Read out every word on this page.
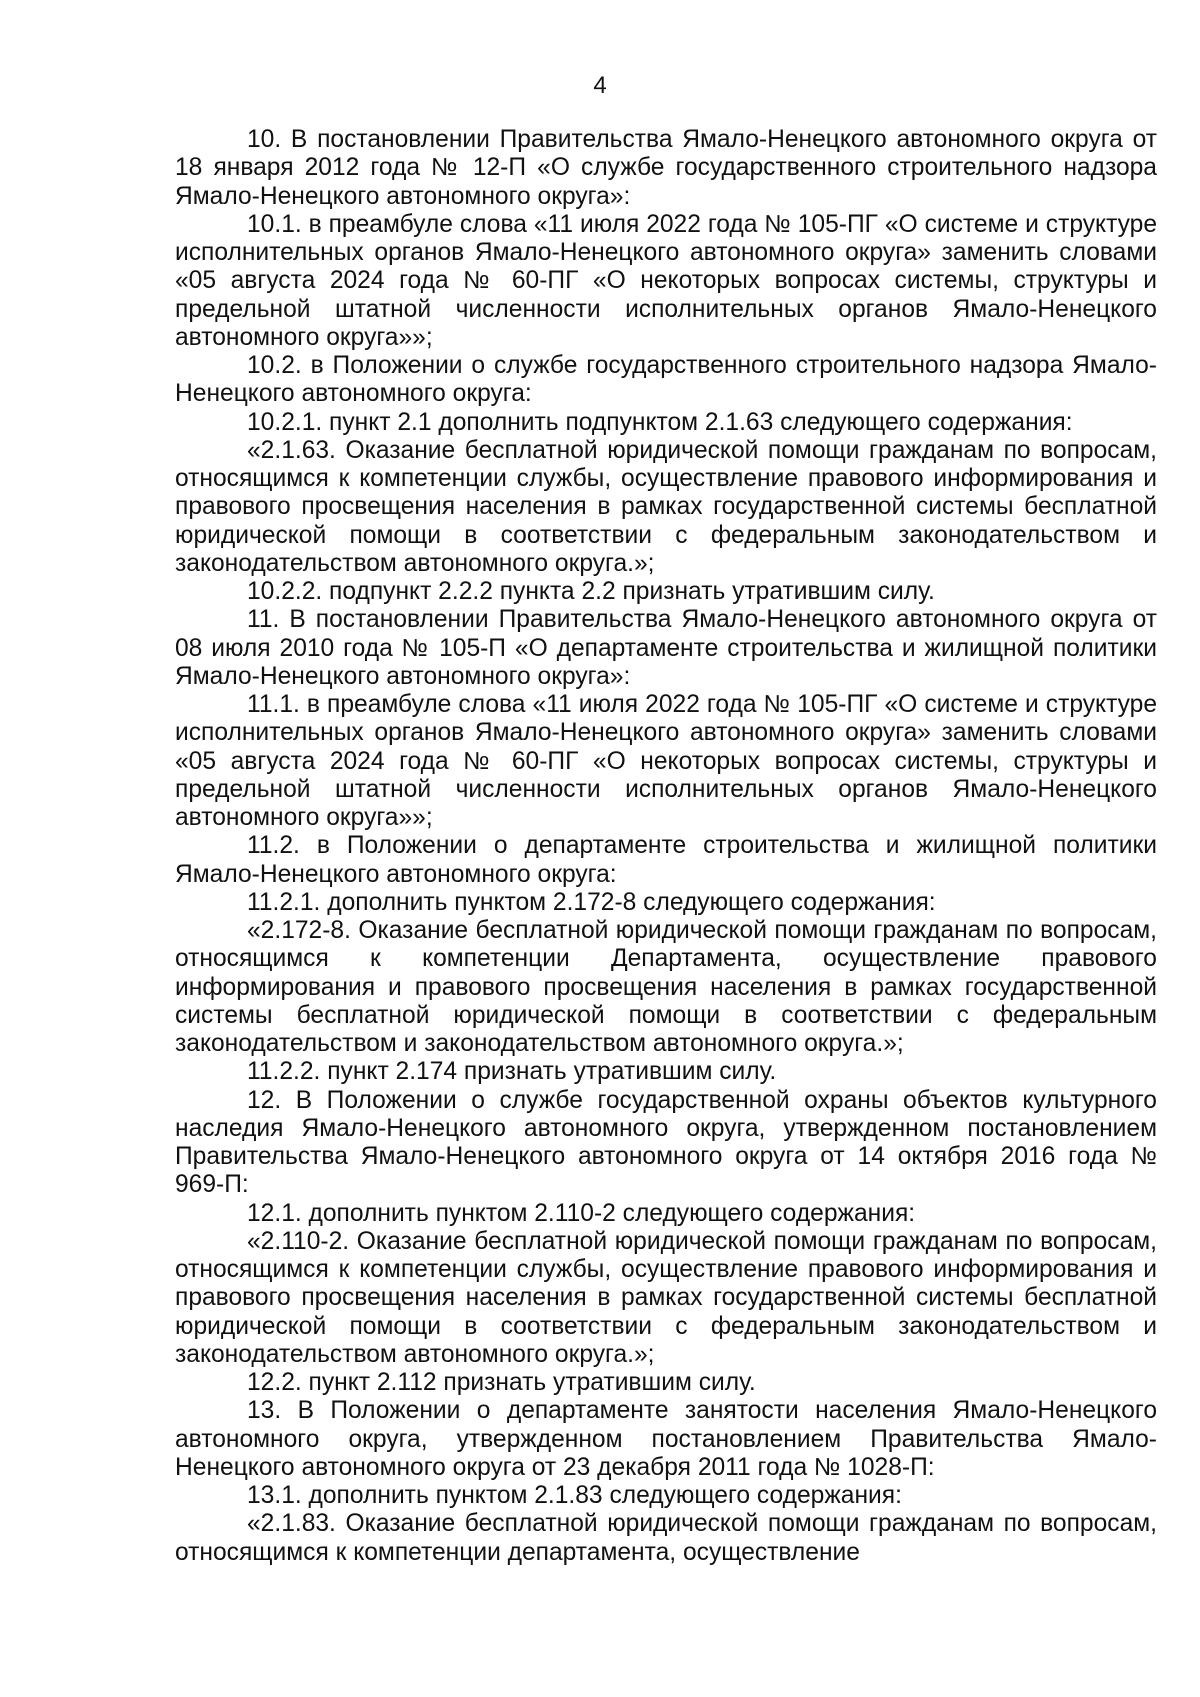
4

10. В постановлении Правительства Ямало-Ненецкого автономного округа от 18 января 2012 года № 12-П «О службе государственного строительного надзора Ямало-Ненецкого автономного округа»:

10.1. в преамбуле слова «11 июля 2022 года № 105-ПГ «О системе и структуре исполнительных органов Ямало-Ненецкого автономного округа» заменить словами «05 августа 2024 года № 60-ПГ «О некоторых вопросах системы, структуры и предельной штатной численности исполнительных органов Ямало-Ненецкого автономного округа»»;

10.2. в Положении о службе государственного строительного надзора Ямало-Ненецкого автономного округа:

10.2.1. пункт 2.1 дополнить подпунктом 2.1.63 следующего содержания:

«2.1.63. Оказание бесплатной юридической помощи гражданам по вопросам, относящимся к компетенции службы, осуществление правового информирования и правового просвещения населения в рамках государственной системы бесплатной юридической помощи в соответствии с федеральным законодательством и законодательством автономного округа.»;

10.2.2. подпункт 2.2.2 пункта 2.2 признать утратившим силу.

11. В постановлении Правительства Ямало-Ненецкого автономного округа от 08 июля 2010 года № 105-П «О департаменте строительства и жилищной политики Ямало-Ненецкого автономного округа»:

11.1. в преамбуле слова «11 июля 2022 года № 105-ПГ «О системе и структуре исполнительных органов Ямало-Ненецкого автономного округа» заменить словами «05 августа 2024 года № 60-ПГ «О некоторых вопросах системы, структуры и предельной штатной численности исполнительных органов Ямало-Ненецкого автономного округа»»;

11.2. в Положении о департаменте строительства и жилищной политики Ямало-Ненецкого автономного округа:

11.2.1. дополнить пунктом 2.172-8 следующего содержания:

«2.172-8. Оказание бесплатной юридической помощи гражданам по вопросам, относящимся к компетенции Департамента, осуществление правового информирования и правового просвещения населения в рамках государственной системы бесплатной юридической помощи в соответствии с федеральным законодательством и законодательством автономного округа.»;

11.2.2. пункт 2.174 признать утратившим силу.

12. В Положении о службе государственной охраны объектов культурного наследия Ямало-Ненецкого автономного округа, утвержденном постановлением Правительства Ямало-Ненецкого автономного округа от 14 октября 2016 года № 969-П:

12.1. дополнить пунктом 2.110-2 следующего содержания:

«2.110-2. Оказание бесплатной юридической помощи гражданам по вопросам, относящимся к компетенции службы, осуществление правового информирования и правового просвещения населения в рамках государственной системы бесплатной юридической помощи в соответствии с федеральным законодательством и законодательством автономного округа.»;

12.2. пункт 2.112 признать утратившим силу.

13. В Положении о департаменте занятости населения Ямало-Ненецкого автономного округа, утвержденном постановлением Правительства Ямало-Ненецкого автономного округа от 23 декабря 2011 года № 1028-П:

13.1. дополнить пунктом 2.1.83 следующего содержания:

«2.1.83. Оказание бесплатной юридической помощи гражданам по вопросам, относящимся к компетенции департамента, осуществление
